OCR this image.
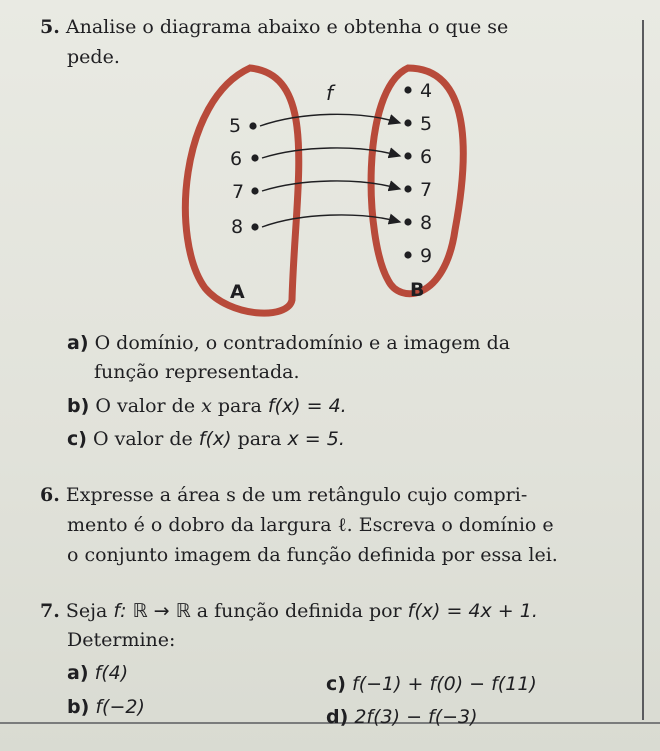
5. Analise o diagrama abaixo e obtenha o que se
pede.
f
5
6
7
8
4
5
6
7
8
9
A	B
a) O domínio, o contradomínio e a imagem da
função representada.
b) O valor de x para f(x) = 4.
c) O valor de f(x) para x = 5.
6. Expresse a área s de um retângulo cujo compri-
mento é o dobro da largura ℓ. Escreva o domínio e
o conjunto imagem da função definida por essa lei.
7. Seja f: ℝ → ℝ a função definida por f(x) = 4x + 1.
Determine:
a) f(4)
b) f(−2)
c) f(−1) + f(0) − f(11)
d) 2f(3) − f(−3)
